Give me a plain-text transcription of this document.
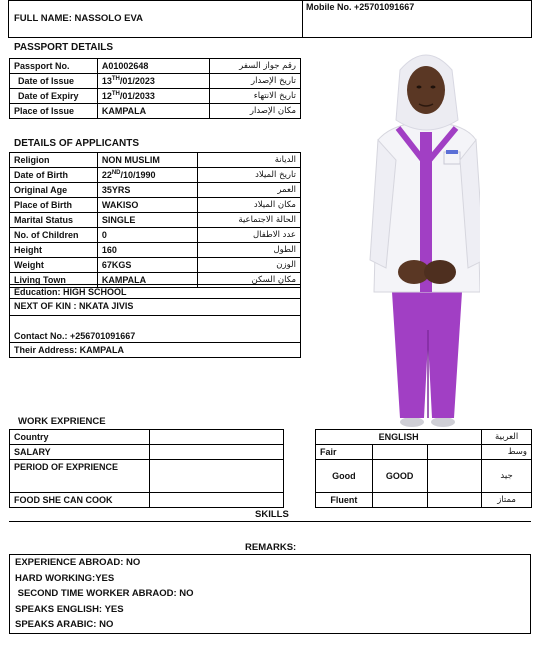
FULL NAME: NASSOLO EVA
Mobile No. +25701091667
PASSPORT DETAILS
Passport No.	A01002648	رقم جواز السفر
Date of Issue	13TH/01/2023	تاريخ الإصدار
Date of Expiry	12TH/01/2033	تاريخ الانتهاء
Place of Issue	KAMPALA	مكان الإصدار
DETAILS OF APPLICANTS
Religion	NON MUSLIM	الديانة
Date of Birth	22ND/10/1990	تاريخ الميلاد
Original Age	35YRS	العمر
Place of Birth	WAKISO	مكان الميلاد
Marital Status	SINGLE	الحالة الاجتماعية
No. of Children	0	عدد الاطفال
Height	160	الطول
Weight	67KGS	الوزن
Living Town	KAMPALA	مكان السكن
Education: HIGH SCHOOL
NEXT OF KIN : NKATA JIVIS
Contact No.: +256701091667
Their Address: KAMPALA
WORK EXPRIENCE
Country	
SALARY	
PERIOD OF EXPRIENCE	
FOOD SHE CAN COOK	
ENGLISH			العربية
Fair			وسط
Good	GOOD		جيد
Fluent			ممتاز
SKILLS
REMARKS:
EXPERIENCE ABROAD: NO
HARD WORKING:YES
SECOND TIME WORKER ABRAOD: NO
SPEAKS ENGLISH: YES
SPEAKS ARABIC: NO
